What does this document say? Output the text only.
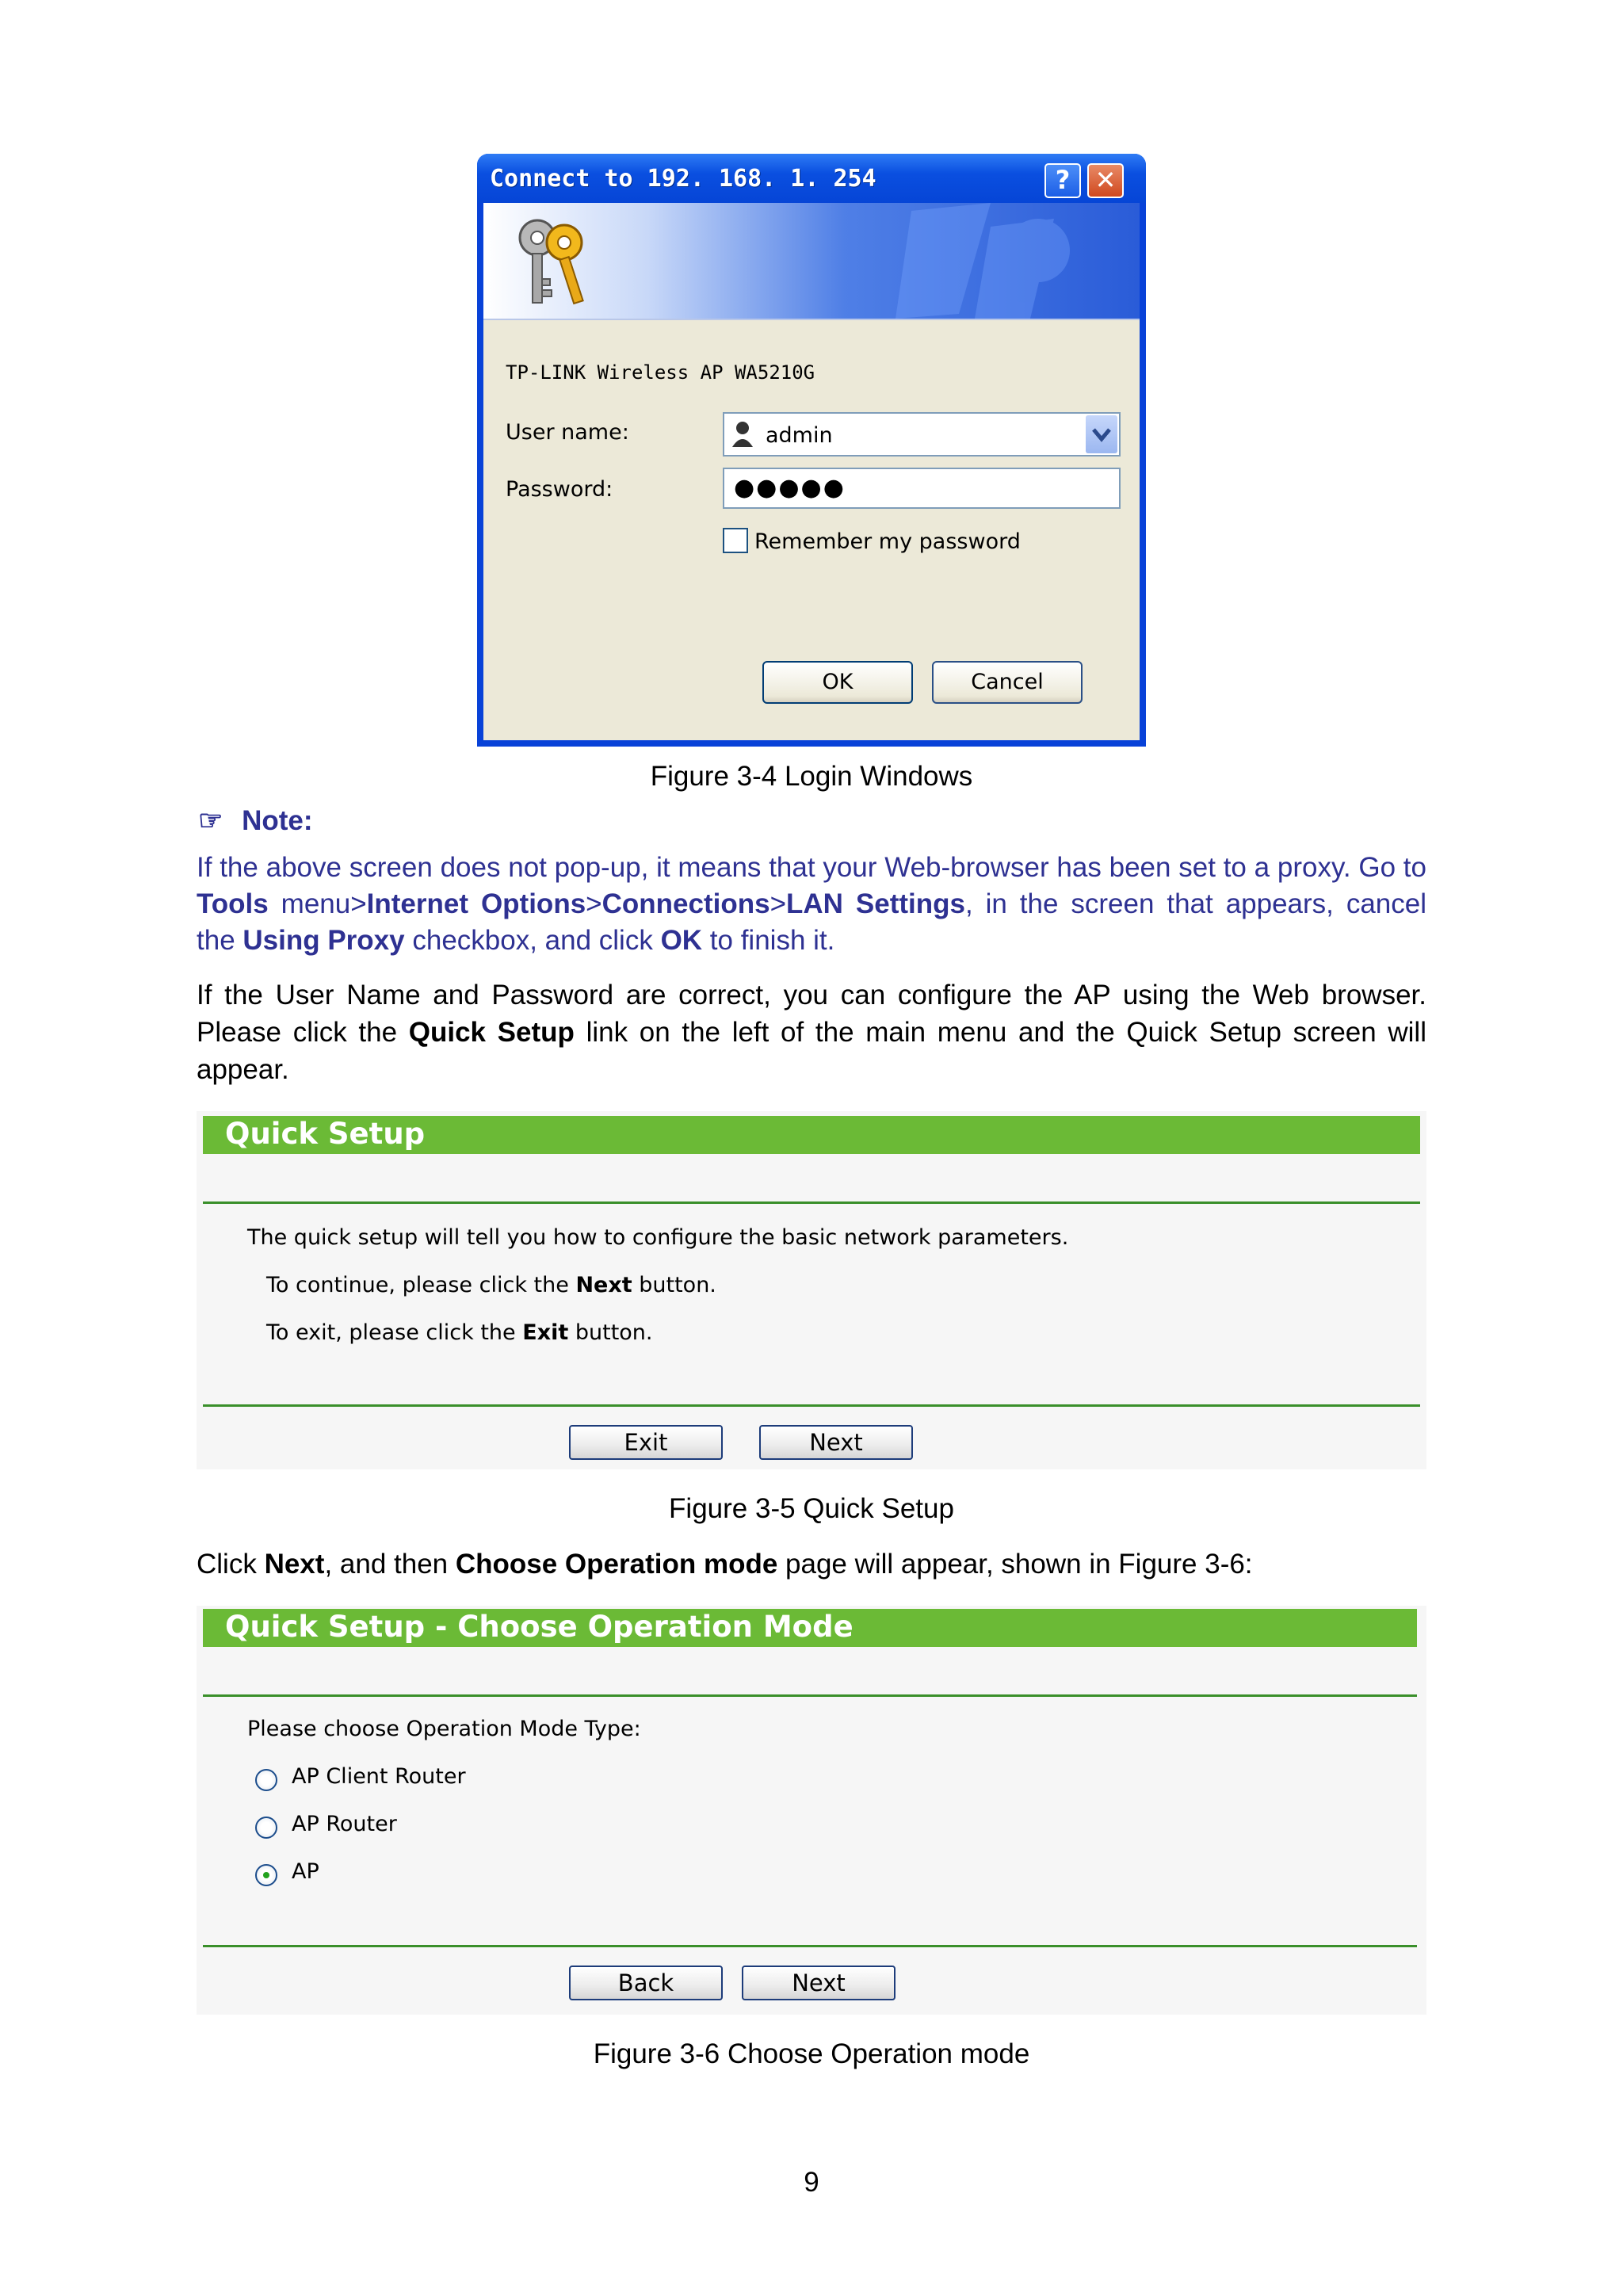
Connect to 192. 168. 1. 254	? ✕
TP-LINK Wireless AP WA5210G
User name:	admin
Password:	●●●●●
Remember my password
OK	Cancel
Figure 3-4 Login Windows
☞ Note:
If the above screen does not pop-up, it means that your Web-browser has been set to a proxy. Go to Tools menu>Internet Options>Connections>LAN Settings, in the screen that appears, cancel the Using Proxy checkbox, and click OK to finish it.
If the User Name and Password are correct, you can configure the AP using the Web browser. Please click the Quick Setup link on the left of the main menu and the Quick Setup screen will appear.
Quick Setup
The quick setup will tell you how to configure the basic network parameters.
To continue, please click the Next button.
To exit, please click the Exit button.
Exit	Next
Figure 3-5 Quick Setup
Click Next, and then Choose Operation mode page will appear, shown in Figure 3-6:
Quick Setup - Choose Operation Mode
Please choose Operation Mode Type:
AP Client Router
AP Router
AP
Back	Next
Figure 3-6 Choose Operation mode
9
